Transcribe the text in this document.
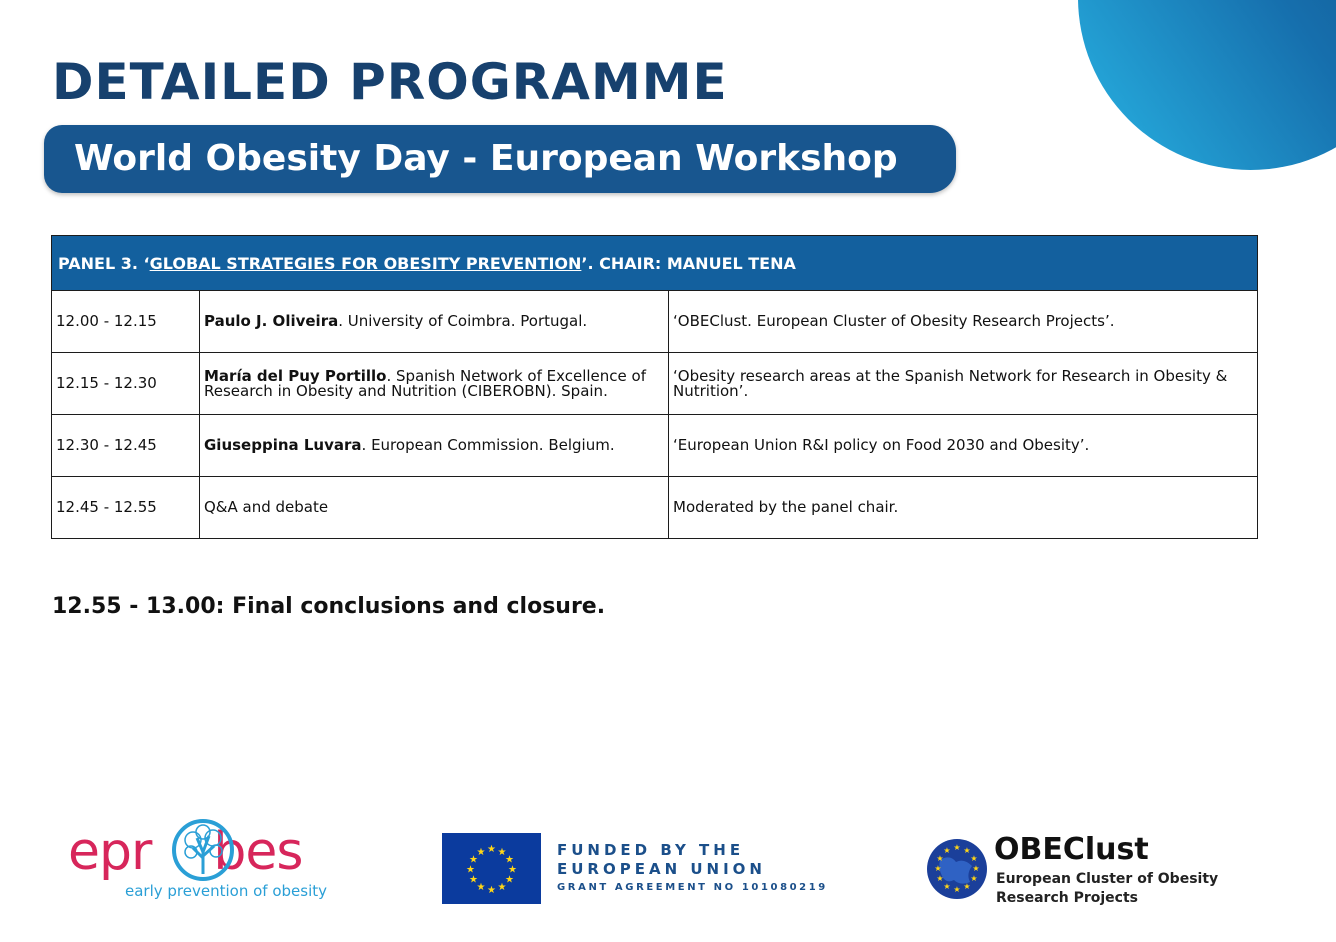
DETAILED PROGRAMME
World Obesity Day - European Workshop
PANEL 3. ‘GLOBAL STRATEGIES FOR OBESITY PREVENTION’. CHAIR: MANUEL TENA		
12.00 - 12.15	Paulo J. Oliveira. University of Coimbra. Portugal.	‘OBEClust. European Cluster of Obesity Research Projects’.
12.15 - 12.30	María del Puy Portillo. Spanish Network of Excellence of Research in Obesity and Nutrition (CIBEROBN). Spain.	‘Obesity research areas at the Spanish Network for Research in Obesity & Nutrition’.
12.30 - 12.45	Giuseppina Luvara. European Commission. Belgium.	‘European Union R&I policy on Food 2030 and Obesity’.
12.45 - 12.55	Q&A and debate	Moderated by the panel chair.
12.55 - 13.00: Final conclusions and closure.
epr bes
early prevention of obesity
★ ★
★
★
★
★
★
★
★
★
★
★	FUNDED BY THE
EUROPEAN UNION
GRANT AGREEMENT NO 101080219
★ ★
★
★
★
★
★
★
★
★
★
★ OBEClust
European Cluster of Obesity Research Projects
